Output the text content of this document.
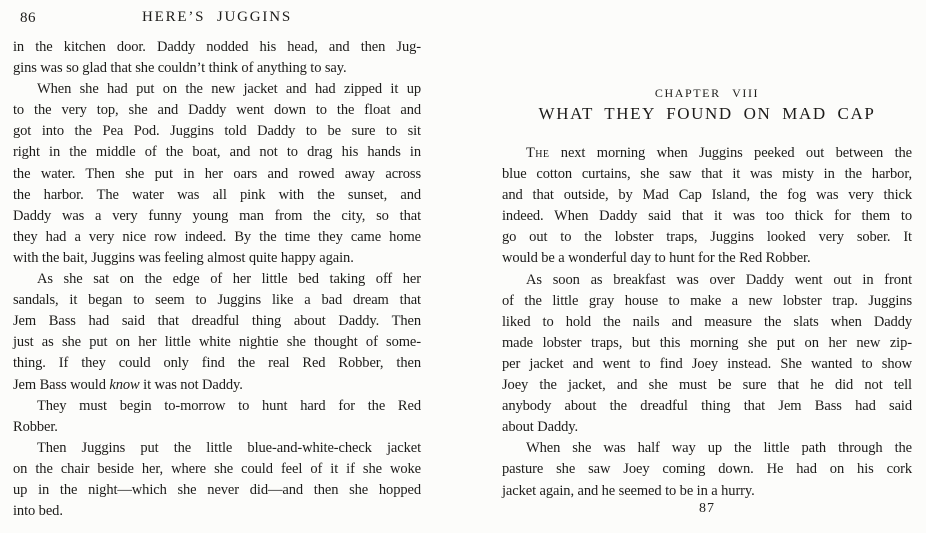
86	HERE’S JUGGINS
in the kitchen door. Daddy nodded his head, and then Jug-
gins was so glad that she couldn’t think of anything to say.
When she had put on the new jacket and had zipped it up
to the very top, she and Daddy went down to the float and
got into the Pea Pod. Juggins told Daddy to be sure to sit
right in the middle of the boat, and not to drag his hands in
the water. Then she put in her oars and rowed away across
the harbor. The water was all pink with the sunset, and
Daddy was a very funny young man from the city, so that
they had a very nice row indeed. By the time they came home
with the bait, Juggins was feeling almost quite happy again.
As she sat on the edge of her little bed taking off her
sandals, it began to seem to Juggins like a bad dream that
Jem Bass had said that dreadful thing about Daddy. Then
just as she put on her little white nightie she thought of some-
thing. If they could only find the real Red Robber, then
Jem Bass would know it was not Daddy.
They must begin to-morrow to hunt hard for the Red
Robber.
Then Juggins put the little blue-and-white-check jacket
on the chair beside her, where she could feel of it if she woke
up in the night—which she never did—and then she hopped
into bed.
CHAPTER VIII
WHAT THEY FOUND ON MAD CAP
The next morning when Juggins peeked out between the
blue cotton curtains, she saw that it was misty in the harbor,
and that outside, by Mad Cap Island, the fog was very thick
indeed. When Daddy said that it was too thick for them to
go out to the lobster traps, Juggins looked very sober. It
would be a wonderful day to hunt for the Red Robber.
As soon as breakfast was over Daddy went out in front
of the little gray house to make a new lobster trap. Juggins
liked to hold the nails and measure the slats when Daddy
made lobster traps, but this morning she put on her new zip-
per jacket and went to find Joey instead. She wanted to show
Joey the jacket, and she must be sure that he did not tell
anybody about the dreadful thing that Jem Bass had said
about Daddy.
When she was half way up the little path through the
pasture she saw Joey coming down. He had on his cork
jacket again, and he seemed to be in a hurry.
87
